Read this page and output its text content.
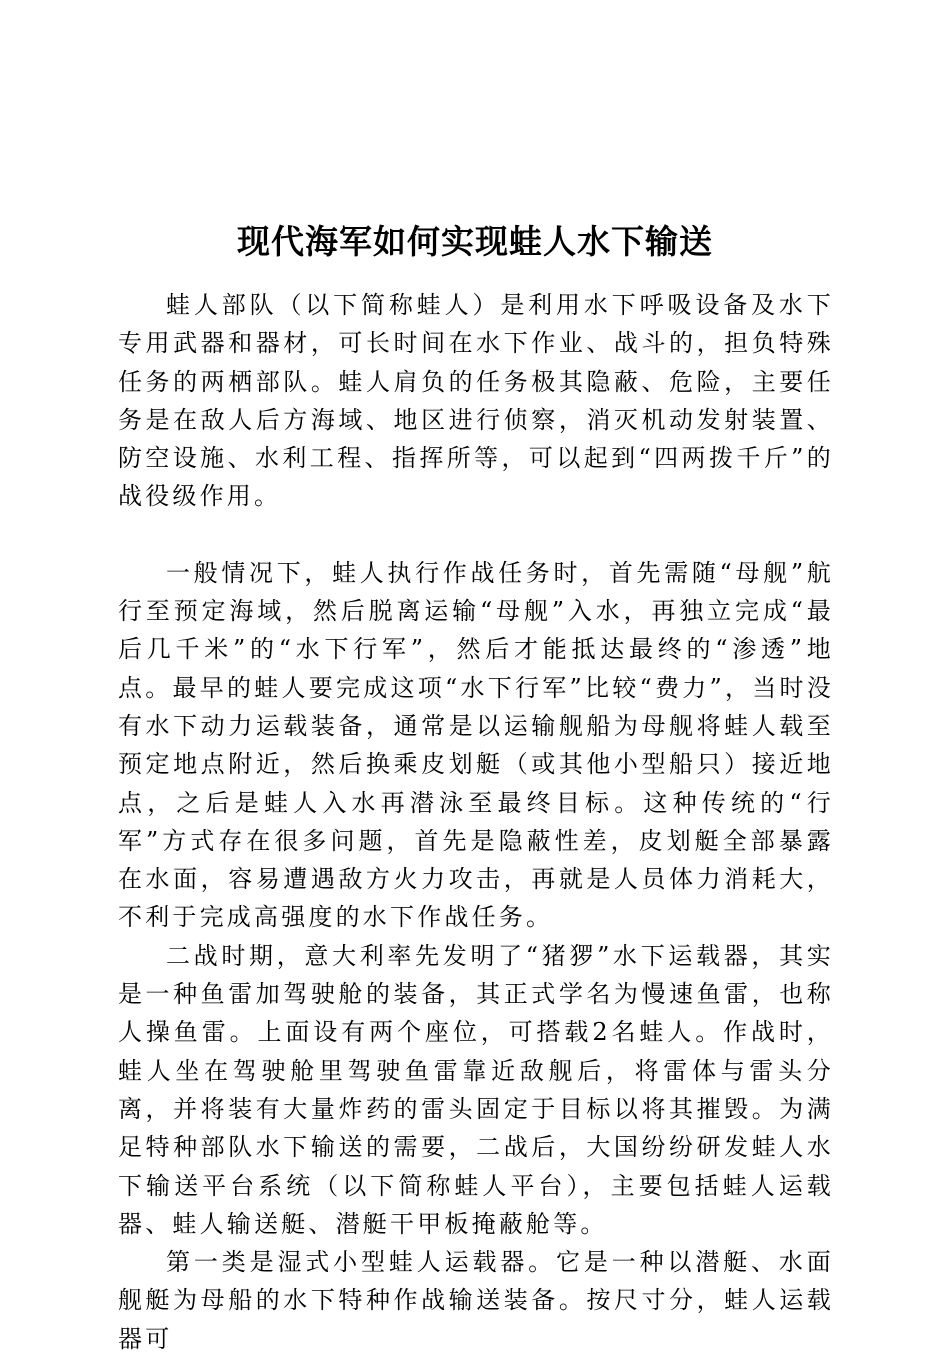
现代海军如何实现蛙人水下输送

蛙人部队（以下简称蛙人）是利用水下呼吸设备及水下专用武器和器材，可长时间在水下作业、战斗的，担负特殊任务的两栖部队。蛙人肩负的任务极其隐蔽、危险，主要任务是在敌人后方海域、地区进行侦察，消灭机动发射装置、防空设施、水利工程、指挥所等，可以起到“四两拨千斤”的战役级作用。

一般情况下，蛙人执行作战任务时，首先需随“母舰”航行至预定海域，然后脱离运输“母舰”入水，再独立完成“最后几千米”的“水下行军”，然后才能抵达最终的“渗透”地点。最早的蛙人要完成这项“水下行军”比较“费力”，当时没有水下动力运载装备，通常是以运输舰船为母舰将蛙人载至预定地点附近，然后换乘皮划艇（或其他小型船只）接近地点，之后是蛙人入水再潜泳至最终目标。这种传统的“行军”方式存在很多问题，首先是隐蔽性差，皮划艇全部暴露在水面，容易遭遇敌方火力攻击，再就是人员体力消耗大，不利于完成高强度的水下作战任务。

二战时期，意大利率先发明了“猪猡”水下运载器，其实是一种鱼雷加驾驶舱的装备，其正式学名为慢速鱼雷，也称人操鱼雷。上面设有两个座位，可搭载2名蛙人。作战时，蛙人坐在驾驶舱里驾驶鱼雷靠近敌舰后，将雷体与雷头分离，并将装有大量炸药的雷头固定于目标以将其摧毁。为满足特种部队水下输送的需要，二战后，大国纷纷研发蛙人水下输送平台系统（以下简称蛙人平台），主要包括蛙人运载器、蛙人输送艇、潜艇干甲板掩蔽舱等。

第一类是湿式小型蛙人运载器。它是一种以潜艇、水面舰艇为母船的水下特种作战输送装备。按尺寸分，蛙人运载器可
